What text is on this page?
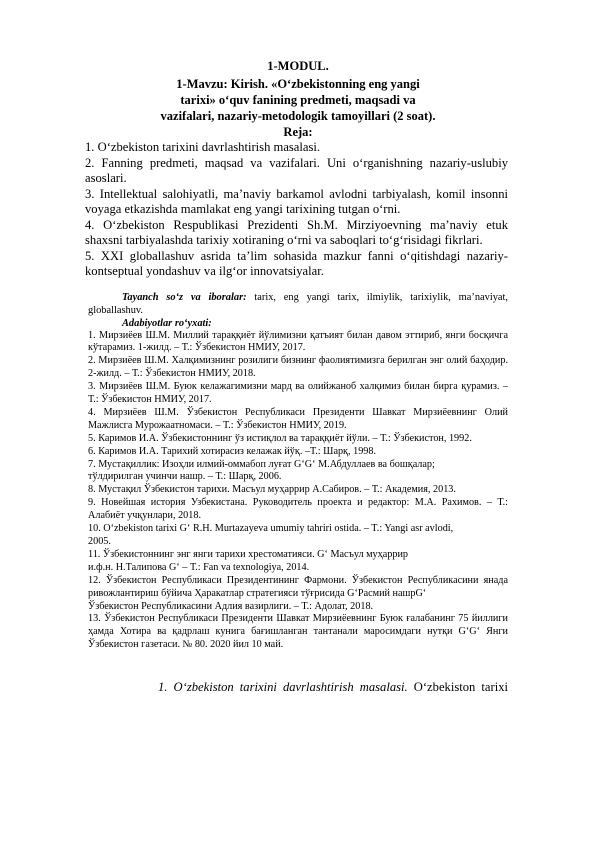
1-MODUL.
1-Mavzu: Kirish. «O‘zbekistonning eng yangi
tarixi» o‘quv fanining predmeti, maqsadi va
vazifalari, nazariy-metodologik tamoyillari (2 soat).
Reja:

1. O‘zbekiston tarixini davrlashtirish masalasi.

2. Fanning predmeti, maqsad va vazifalari. Uni o‘rganishning nazariy-uslubiy asoslari.

3. Intellektual salohiyatli, ma’naviy barkamol avlodni tarbiyalash, komil insonni voyaga etkazishda mamlakat eng yangi tarixining tutgan o‘rni.

4. O‘zbekiston Respublikasi Prezidenti Sh.M. Mirziyoevning ma’naviy etuk shaxsni tarbiyalashda tarixiy xotiraning o‘rni va saboqlari to‘g‘risidagi fikrlari.

5. XXI globallashuv asrida ta’lim sohasida mazkur fanni o‘qitishdagi nazariy-kontseptual yondashuv va ilg‘or innovatsiyalar.

Tayanch so‘z va iboralar: tarix, eng yangi tarix, ilmiylik, tarixiylik, ma’naviyat, globallashuv.
Adabiyotlar ro‘yxati:
1. Мирзиёев Ш.М. Миллий тараққиёт йўлимизни қатъият билан давом эттириб, янги босқичга кўтарамиз. 1-жилд. – Т.: Ўзбекистон НМИУ, 2017.
2. Мирзиёев Ш.М. Халқимизнинг розилиги бизнинг фаолиятимизга берилган энг олий баҳодир. 2-жилд. – Т.: Ўзбекистон НМИУ, 2018.
3. Мирзиёев Ш.М. Буюк келажагимизни мард ва олийжаноб халқимиз билан бирга қурамиз. – Т.: Ўзбекистон НМИУ, 2017.
4. Мирзиёев Ш.М. Ўзбекистон Республикаси Президенти Шавкат Мирзиёевнинг Олий Мажлисга Мурожаатномаси. – Т.: Ўзбекистон НМИУ, 2019.
5. Каримов И.А. Ўзбекистоннинг ўз истиқлол ва тараққиёт йўли. – Т.: Ўзбекистон, 1992.
6. Каримов И.А. Тарихий хотирасиз келажак йўқ. –Т.: Шарқ, 1998.
7. Мустақиллик: Изоҳли илмий-оммабоп луғат G‘G‘ М.Абдуллаев ва бошқалар;
тўлдирилган учинчи нашр. – Т.: Шарқ, 2006.
8. Мустақил Ўзбекистон тарихи. Масъул муҳаррир А.Сабиров. – Т.: Академия, 2013.
9. Новейшая история Узбекистана. Руководитель проекта и редактор: М.А. Рахимов. – Т.: Алабиёт учқунлари, 2018.
10. O‘zbekiston tarixi G‘ R.H. Murtazayeva umumiy tahriri ostida. – T.: Yangi asr avlodi,
2005.
11. Ўзбекистоннинг энг янги тарихи хрестоматияси. G‘ Масъул муҳаррир
и.ф.н. Н.Талипова G‘ – Т.: Fan va texnologiya, 2014.
12. Ўзбекистон Республикаси Президентининг Фармони. Ўзбекистон Республикасини янада ривожлантириш бўйича Ҳаракатлар стратегияси тўғрисида G‘Расмий нашрG‘
Ўзбекистон Республикасини Адлия вазирлиги. – Т.: Адолат, 2018.
13. Ўзбекистон Республикаси Президенти Шавкат Мирзиёевнинг Буюк ғалабанинг 75 йиллиги ҳамда Хотира ва қадрлаш кунига бағишланган тантанали маросимдаги нутқи G‘G‘ Янги Ўзбекистон газетаси. № 80. 2020 йил 10 май.
1. O‘zbekiston tarixini davrlashtirish masalasi. O‘zbekiston tarixi
